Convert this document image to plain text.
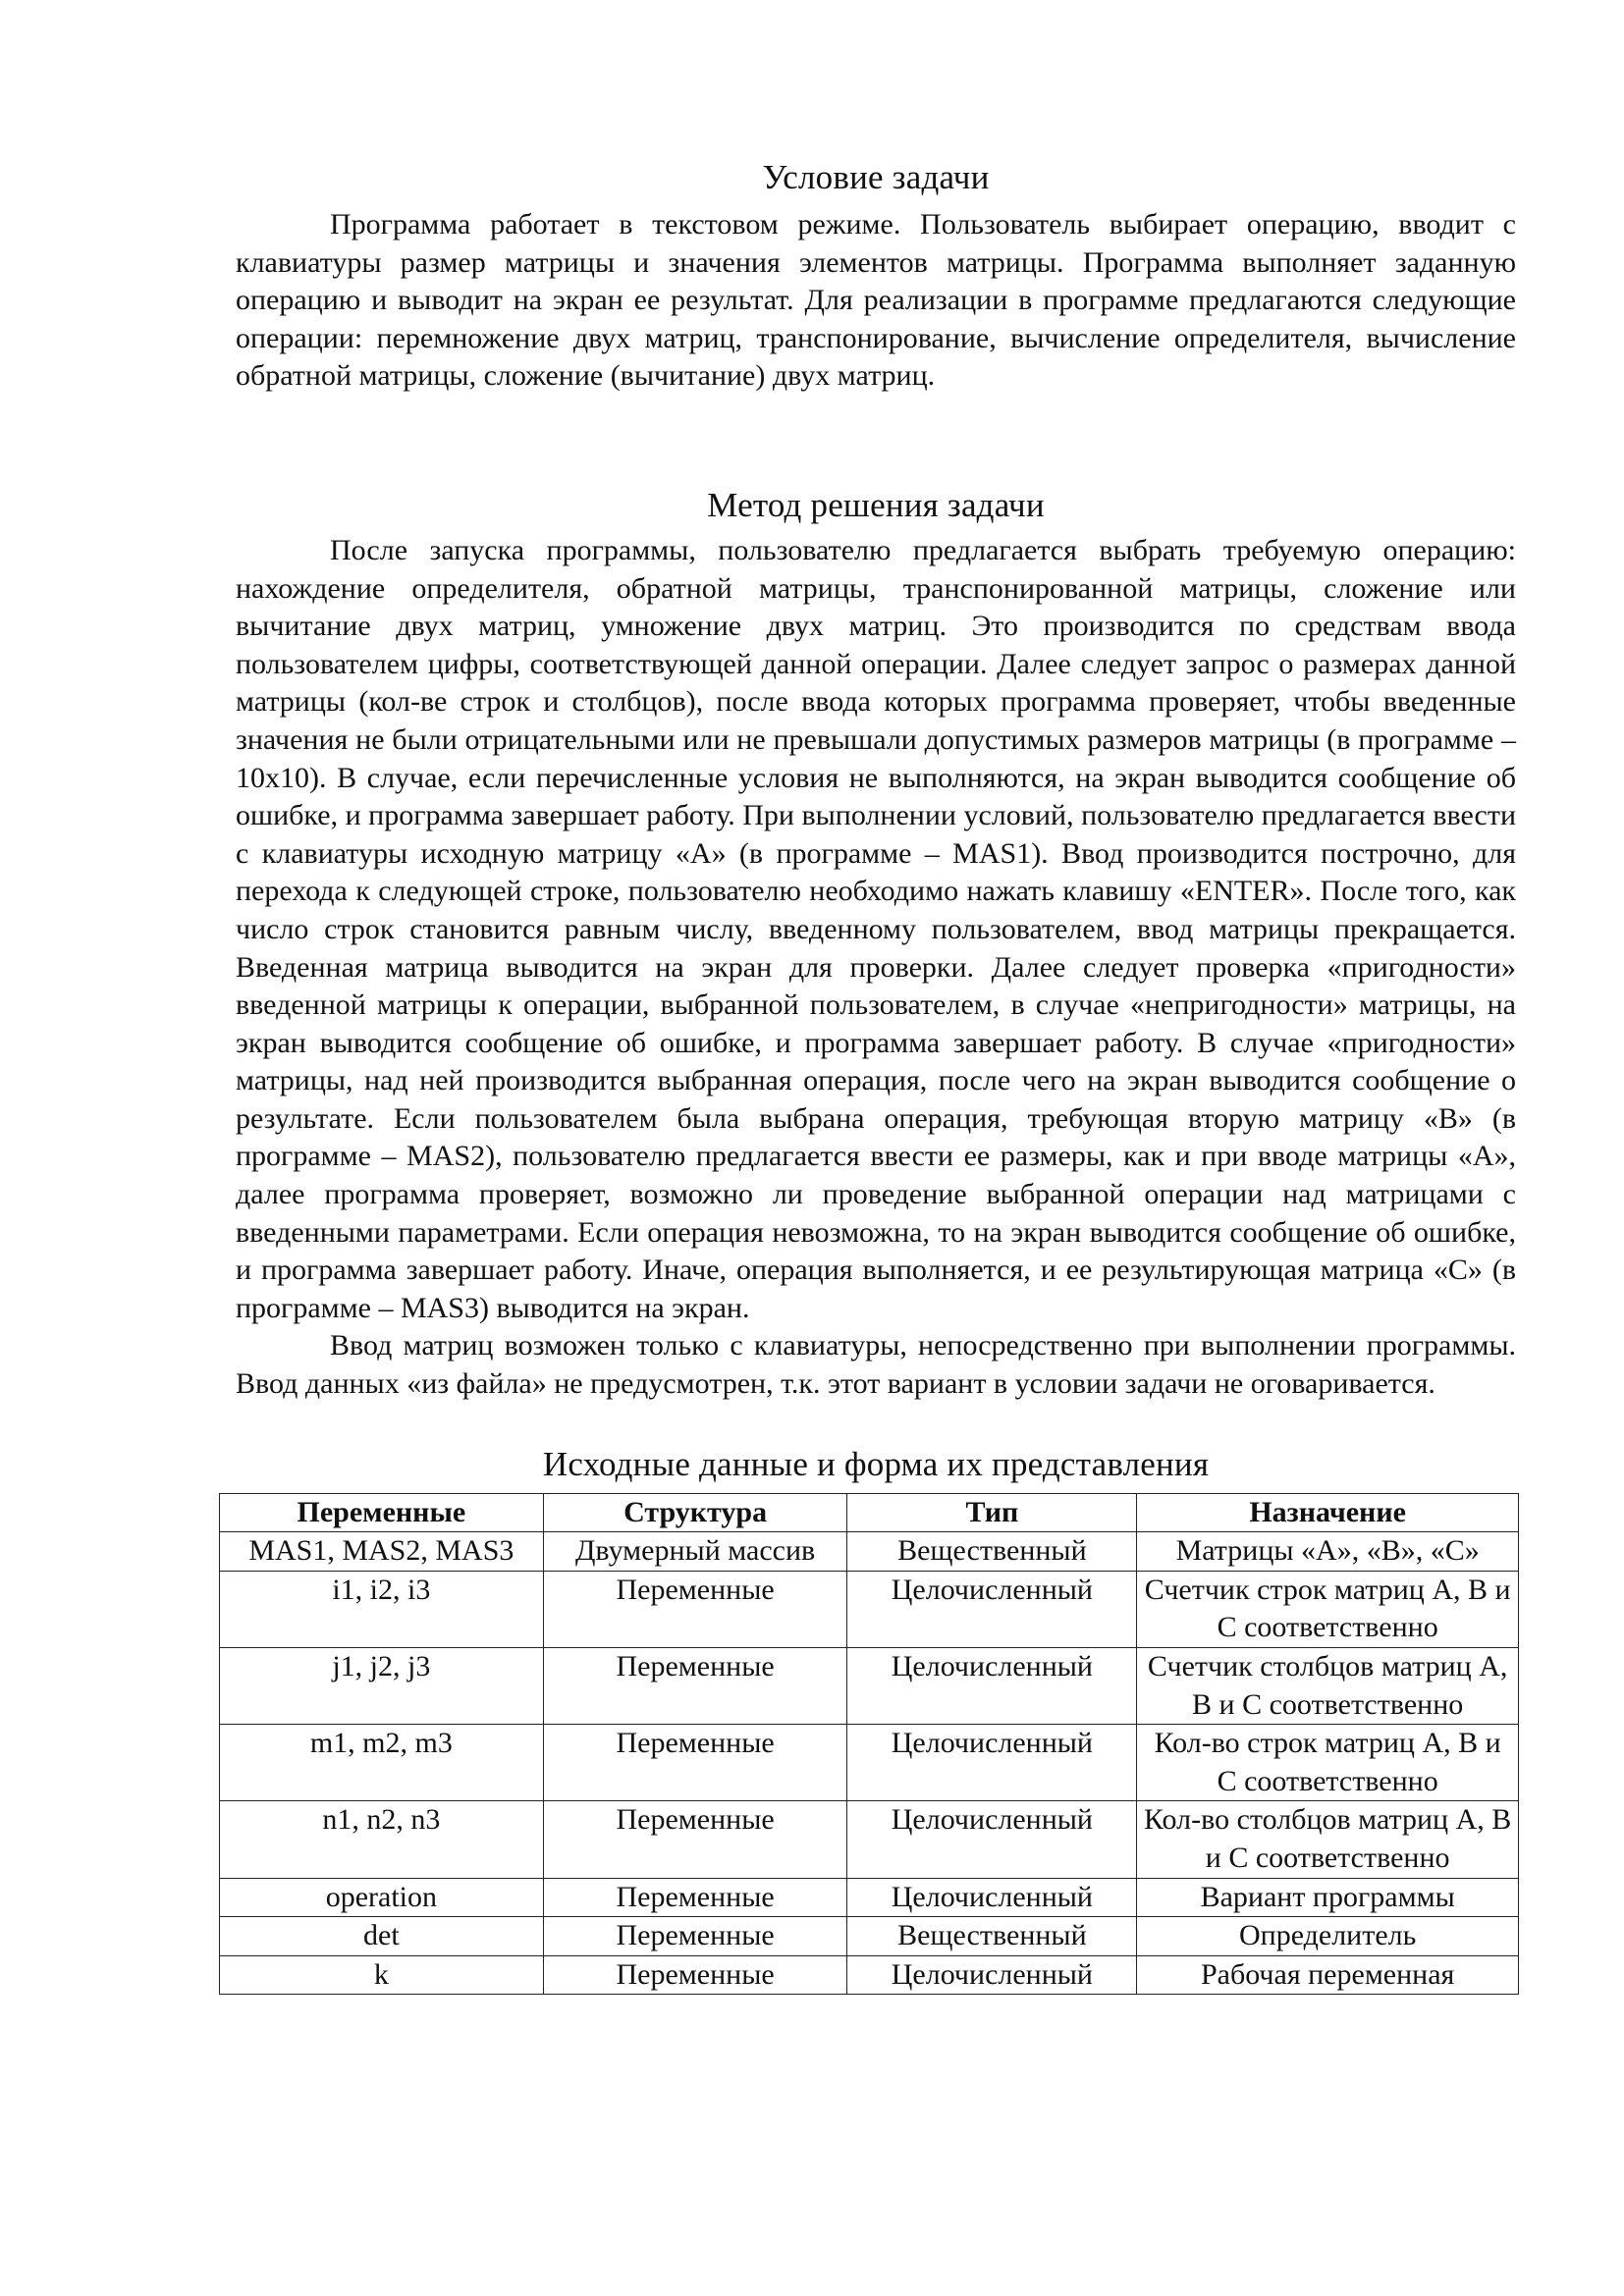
Условие задачи

Программа работает в текстовом режиме. Пользователь выбирает операцию, вводит с клавиатуры размер матрицы и значения элементов матрицы. Программа выполняет заданную операцию и выводит на экран ее результат. Для реализации в программе предлагаются следующие операции: перемножение двух матриц, транспонирование, вычисление определителя, вычисление обратной матрицы, сложение (вычитание) двух матриц.

Метод решения задачи

После запуска программы, пользователю предлагается выбрать требуемую операцию: нахождение определителя, обратной матрицы, транспонированной матрицы, сложение или вычитание двух матриц, умножение двух матриц. Это производится по средствам ввода пользователем цифры, соответствующей данной операции. Далее следует запрос о размерах данной матрицы (кол-ве строк и столбцов), после ввода которых программа проверяет, чтобы введенные значения не были отрицательными или не превышали допустимых размеров матрицы (в программе – 10х10). В случае, если перечисленные условия не выполняются, на экран выводится сообщение об ошибке, и программа завершает работу. При выполнении условий, пользователю предлагается ввести с клавиатуры исходную матрицу «А» (в программе – MAS1). Ввод производится построчно, для перехода к следующей строке, пользователю необходимо нажать клавишу «ENTER». После того, как число строк становится равным числу, введенному пользователем, ввод матрицы прекращается. Введенная матрица выводится на экран для проверки. Далее следует проверка «пригодности» введенной матрицы к операции, выбранной пользователем, в случае «непригодности» матрицы, на экран выводится сообщение об ошибке, и программа завершает работу. В случае «пригодности» матрицы, над ней производится выбранная операция, после чего на экран выводится сообщение о результате. Если пользователем была выбрана операция, требующая вторую матрицу «В» (в программе – MAS2), пользователю предлагается ввести ее размеры, как и при вводе матрицы «А», далее программа проверяет, возможно ли проведение выбранной операции над матрицами с введенными параметрами. Если операция невозможна, то на экран выводится сообщение об ошибке, и программа завершает работу. Иначе, операция выполняется, и ее результирующая матрица «С» (в программе – MAS3) выводится на экран.

Ввод матриц возможен только с клавиатуры, непосредственно при выполнении программы. Ввод данных «из файла» не предусмотрен, т.к. этот вариант в условии задачи не оговаривается.

Исходные данные и форма их представления
Переменные	Структура	Тип	Назначение
MAS1, MAS2, MAS3	Двумерный массив	Вещественный	Матрицы «А», «В», «С»
i1, i2, i3	Переменные	Целочисленный	Счетчик строк матриц А, В и С соответственно
j1, j2, j3	Переменные	Целочисленный	Счетчик столбцов матриц А, В и С соответственно
m1, m2, m3	Переменные	Целочисленный	Кол-во строк матриц А, В и С соответственно
n1, n2, n3	Переменные	Целочисленный	Кол-во столбцов матриц А, В и С соответственно
operation	Переменные	Целочисленный	Вариант программы
det	Переменные	Вещественный	Определитель
k	Переменные	Целочисленный	Рабочая переменная
